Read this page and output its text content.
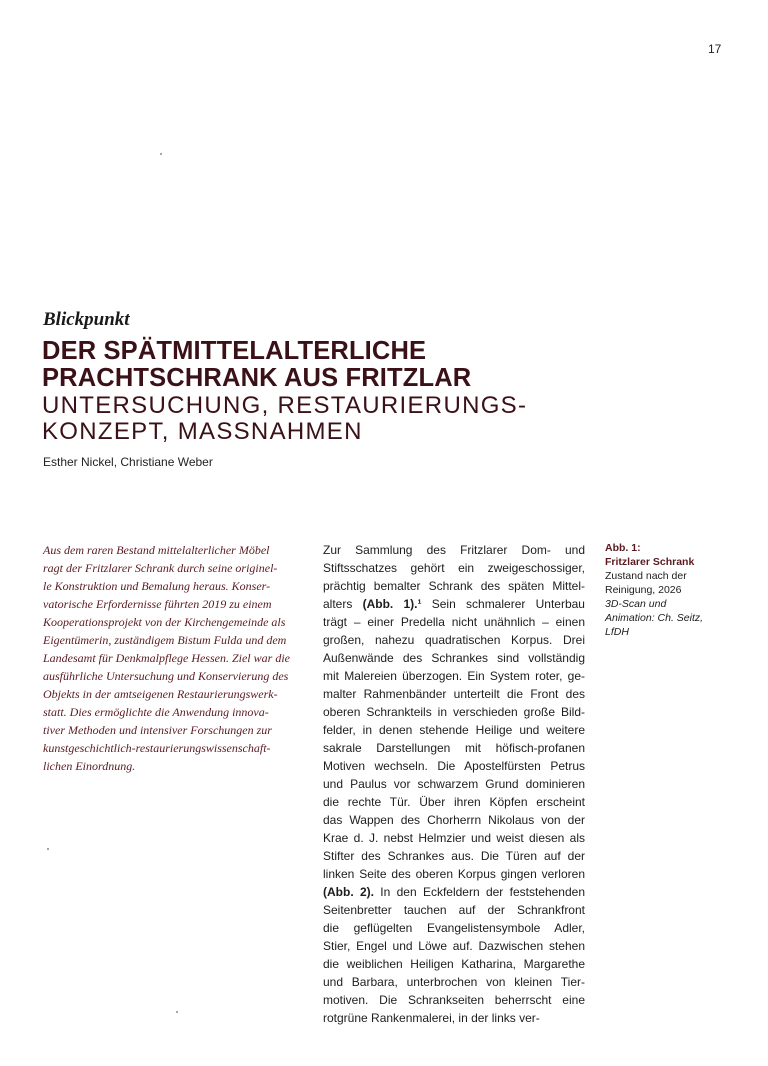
17
Blickpunkt
DER SPÄTMITTELALTERLICHE
PRACHTSCHRANK AUS FRITZLAR
UNTERSUCHUNG, RESTAURIERUNGS-
KONZEPT, MASSNAHMEN
Esther Nickel, Christiane Weber
Aus dem raren Bestand mittelalterlicher Möbel
ragt der Fritzlarer Schrank durch seine originel-
le Konstruktion und Bemalung heraus. Konser-
vatorische Erfordernisse führten 2019 zu einem
Kooperationsprojekt von der Kirchengemeinde als
Eigentümerin, zuständigem Bistum Fulda und dem
Landesamt für Denkmalpflege Hessen. Ziel war die
ausführliche Untersuchung und Konservierung des
Objekts in der amtseigenen Restaurierungswerk-
statt. Dies ermöglichte die Anwendung innova-
tiver Methoden und intensiver Forschungen zur
kunstgeschichtlich-restaurierungswissenschaft-
lichen Einordnung.
Zur Sammlung des Fritzlarer Dom- und
Stiftsschatzes gehört ein zweigeschossiger,
prächtig bemalter Schrank des späten Mittel-
alters (Abb. 1).¹ Sein schmalerer Unterbau
trägt – einer Predella nicht unähnlich – einen
großen, nahezu quadratischen Korpus. Drei
Außenwände des Schrankes sind vollständig
mit Malereien überzogen. Ein System roter, ge-
malter Rahmenbänder unterteilt die Front des
oberen Schrankteils in verschieden große Bild-
felder, in denen stehende Heilige und weitere
sakrale Darstellungen mit höfisch-profanen
Motiven wechseln. Die Apostelfürsten Petrus
und Paulus vor schwarzem Grund dominieren
die rechte Tür. Über ihren Köpfen erscheint
das Wappen des Chorherrn Nikolaus von der
Krae d. J. nebst Helmzier und weist diesen als
Stifter des Schrankes aus. Die Türen auf der
linken Seite des oberen Korpus gingen verloren
(Abb. 2). In den Eckfeldern der feststehenden
Seitenbretter tauchen auf der Schrankfront
die geflügelten Evangelistensymbole Adler,
Stier, Engel und Löwe auf. Dazwischen stehen
die weiblichen Heiligen Katharina, Margarethe
und Barbara, unterbrochen von kleinen Tier-
motiven. Die Schrankseiten beherrscht eine
rotgrüne Rankenmalerei, in der links ver-
Abb. 1:
Fritzlarer Schrank
Zustand nach der
Reinigung, 2026
3D-Scan und
Animation: Ch. Seitz,
LfDH
